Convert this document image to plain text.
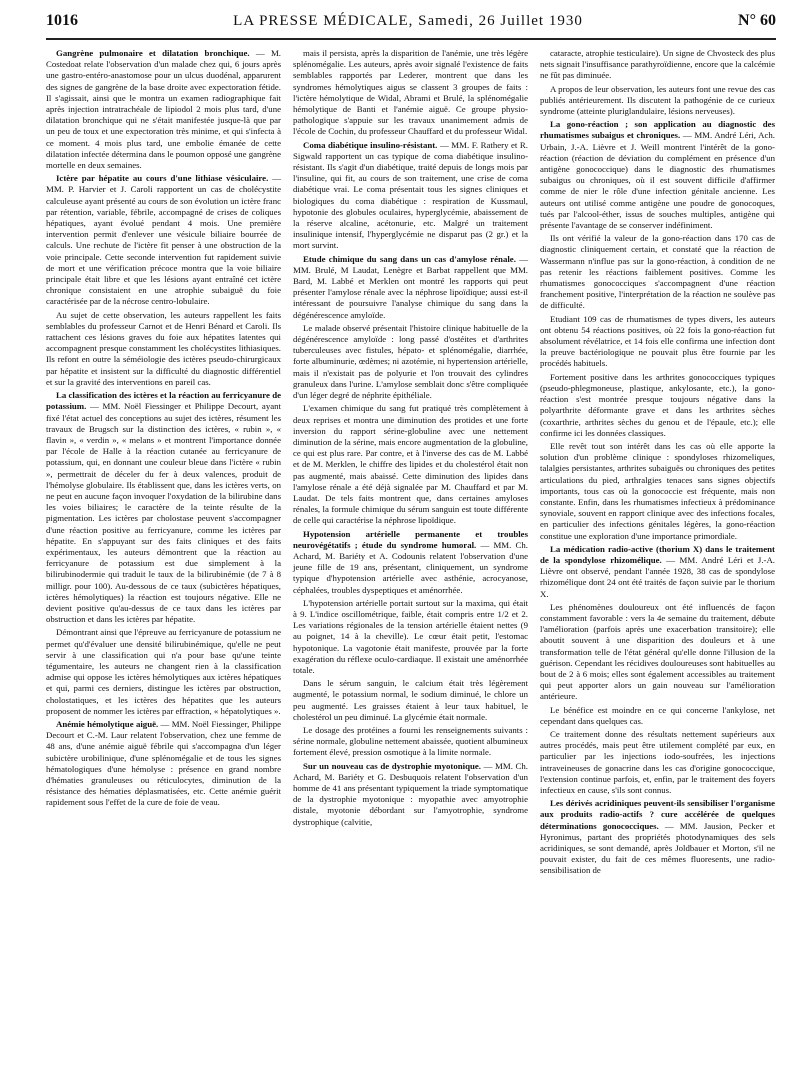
1016	LA PRESSE MÉDICALE, Samedi, 26 Juillet 1930	N° 60

Gangrène pulmonaire et dilatation bronchique. — M. Costedoat relate l'observation d'un malade chez qui, 6 jours après une gastro-entéro-anastomose pour un ulcus duodénal, apparurent des signes de gangrène de la base droite avec expectoration fétide. Il s'agissait, ainsi que le montra un examen radiographique fait après injection intratrachéale de lipiodol 2 mois plus tard, d'une dilatation bronchique qui ne s'était manifestée jusque-là que par un peu de toux et une expectoration très minime, et qui s'infecta à ce moment. 4 mois plus tard, une embolie émanée de cette dilatation infectée détermina dans le poumon opposé une gangrène mortelle en deux semaines.

Ictère par hépatite au cours d'une lithiase vésiculaire. — MM. P. Harvier et J. Caroli rapportent un cas de cholécystite calculeuse ayant présenté au cours de son évolution un ictère franc par rétention, variable, fébrile, accompagné de crises de coliques hépatiques, ayant évolué pendant 4 mois. Une première intervention permit d'enlever une vésicule biliaire bourrée de calculs. Une rechute de l'ictère fit penser à une obstruction de la voie principale. Cette seconde intervention fut rapidement suivie de mort et une vérification précoce montra que la voie biliaire principale était libre et que les lésions ayant entraîné cet ictère chronique consistaient en une atrophie subaiguë du foie caractérisée par de la nécrose centro-lobulaire.

Au sujet de cette observation, les auteurs rappellent les faits semblables du professeur Carnot et de Henri Bénard et Caroli. Ils rattachent ces lésions graves du foie aux hépatites latentes qui accompagnent presque constamment les cholécystites lithiasiques. Ils refont en outre la séméiologie des ictères pseudo-chirurgicaux par hépatite et insistent sur la difficulté du diagnostic différentiel et sur la gravité des interventions en pareil cas.

La classification des ictères et la réaction au ferricyanure de potassium. — MM. Noël Fiessinger et Philippe Decourt, ayant fixé l'état actuel des conceptions au sujet des ictères, résument les travaux de Brugsch sur la distinction des ictères, « rubin », « flavin », « verdin », « melans » et montrent l'importance donnée par l'école de Halle à la réaction cutanée au ferricyanure de potassium, qui, en donnant une couleur bleue dans l'ictère « rubin », permettrait de déceler du fer à deux valences, produit de l'hémolyse globulaire. Ils établissent que, dans les ictères verts, on ne peut en aucune façon invoquer l'oxydation de la bilirubine dans les voies biliaires; le caractère de la teinte résulte de la pigmentation. Les ictères par cholostase peuvent s'accompagner d'une réaction positive au ferricyanure, comme les ictères par hépatite. En s'appuyant sur des faits cliniques et des faits expérimentaux, les auteurs démontrent que la réaction au ferricyanure de potassium est due simplement à la bilirubinodermie qui traduit le taux de la bilirubinémie (de 7 à 8 milligr. pour 100). Au-dessous de ce taux (subictères hépatiques, ictères hémolytiques) la réaction est toujours négative. Elle ne devient positive qu'au-dessus de ce taux dans les ictères par obstruction et dans les ictères par hépatite.

Démontrant ainsi que l'épreuve au ferricyanure de potassium ne permet qu'd'évaluer une densité bilirubinémique, qu'elle ne peut servir à une classification qui n'a pour base qu'une teinte tégumentaire, les auteurs ne changent rien à la classification admise qui oppose les ictères hémolytiques aux ictères hépatiques et qui, parmi ces derniers, distingue les ictères par obstruction, cholostatiques, et les ictères des hépatites que les auteurs proposent de nommer les ictères par effraction, « hépatolytiques ».

Anémie hémolytique aiguë. — MM. Noël Fiessinger, Philippe Decourt et C.-M. Laur relatent l'observation, chez une femme de 48 ans, d'une anémie aiguë fébrile qui s'accompagna d'un léger subictère urobilinique, d'une splénomégalie et de tous les signes hématologiques d'une hémolyse : présence en grand nombre d'hématies granuleuses ou réticulocytes, diminution de la résistance des hématies déplasmatisées, etc. Cette anémie guérit rapidement sous l'effet de la cure de foie de veau.

mais il persista, après la disparition de l'anémie, une très légère splénomégalie. Les auteurs, après avoir signalé l'existence de faits semblables rapportés par Lederer, montrent que dans les syndromes hémolytiques aigus se classent 3 groupes de faits : l'ictère hémolytique de Widal, Abrami et Brulé, la splénomégalie hémolytique de Banti et l'anémie aiguë. Ce groupe physio-pathologique s'appuie sur les travaux unanimement admis de l'école de Cochin, du professeur Chauffard et du professeur Widal.

Coma diabétique insulino-résistant. — MM. F. Rathery et R. Sigwald rapportent un cas typique de coma diabétique insulino-résistant. Ils s'agit d'un diabétique, traité depuis de longs mois par l'insuline, qui fit, au cours de son traitement, une crise de coma diabétique vrai. Le coma présentait tous les signes cliniques et biologiques du coma diabétique : respiration de Kussmaul, hypotonie des globules oculaires, hyperglycémie, abaissement de la réserve alcaline, acétonurie, etc. Malgré un traitement insulinique intensif, l'hyperglycémie ne disparut pas (2 gr.) et la mort survint.

Etude chimique du sang dans un cas d'amylose rénale. — MM. Brulé, M Laudat, Lenègre et Barbat rappellent que MM. Bard, M. Labbé et Merklen ont montré les rapports qui peut présenter l'amylose rénale avec la néphrose lipoïdique; aussi est-il intéressant de poursuivre l'analyse chimique du sang dans la dégénérescence amyloïde.

Le malade observé présentait l'histoire clinique habituelle de la dégénérescence amyloïde : long passé d'ostéites et d'arthrites tuberculeuses avec fistules, hépato- et splénomégalie, diarrhée, forte albuminurie, œdèmes; ni azotémie, ni hypertension artérielle, mais il n'existait pas de polyurie et l'on trouvait des cylindres granuleux dans l'urine. L'amylose semblait donc s'être compliquée d'un léger degré de néphrite épithéliale.

L'examen chimique du sang fut pratiqué très complètement à deux reprises et montra une diminution des protides et une forte inversion du rapport sérine-globuline avec une nettement diminution de la sérine, mais encore augmentation de la globuline, ce qui est plus rare. Par contre, et à l'inverse des cas de M. Labbé et de M. Merklen, le chiffre des lipides et du cholestérol était non pas augmenté, mais abaissé. Cette diminution des lipides dans l'amylose rénale a été déjà signalée par M. Chauffard et par M. Laudat. De tels faits montrent que, dans certaines amyloses rénales, la formule chimique du sérum sanguin est toute différente de celle qui caractérise la néphrose lipoïdique.

Hypotension artérielle permanente et troubles neurovégétatifs ; étude du syndrome humoral. — MM. Ch. Achard, M. Bariéty et A. Codounis relatent l'observation d'une jeune fille de 19 ans, présentant, cliniquement, un syndrome typique d'hypotension artérielle avec asthénie, acrocyanose, céphalées, troubles dyspeptiques et aménorrhée.

L'hypotension artérielle portait surtout sur la maxima, qui était à 9. L'indice oscillométrique, faible, était compris entre 1/2 et 2. Les variations régionales de la tension artérielle étaient nettes (9 au poignet, 14 à la cheville). Le cœur était petit, l'estomac hypotonique. La vagotonie était manifeste, prouvée par la forte exagération du réflexe oculo-cardiaque. Il existait une aménorrhée totale.

Dans le sérum sanguin, le calcium était très légèrement augmenté, le potassium normal, le sodium diminué, le chlore un peu augmenté. Les graisses étaient à leur taux habituel, le cholestérol un peu diminué. La glycémie était normale.

Le dosage des protéines a fourni les renseignements suivants : sérine normale, globuline nettement abaissée, quotient albumineux fortement élevé, pression osmotique à la limite normale.

Sur un nouveau cas de dystrophie myotonique. — MM. Ch. Achard, M. Bariéty et G. Desbuquois relatent l'observation d'un homme de 41 ans présentant typiquement la triade symptomatique de la dystrophie myotonique : myopathie avec amyotrophie distale, myotonie débordant sur l'amyotrophie, syndrome dystrophique (calvitie,

cataracte, atrophie testiculaire). Un signe de Chvosteck des plus nets signait l'insuffisance parathyroïdienne, encore que la calcémie ne fût pas diminuée.

A propos de leur observation, les auteurs font une revue des cas publiés antérieurement. Ils discutent la pathogénie de ce curieux syndrome (atteinte pluriglandulaire, lésions nerveuses).

La gono-réaction ; son application au diagnostic des rhumatismes subaigus et chroniques. — MM. André Léri, Ach. Urbain, J.-A. Lièvre et J. Weill montrent l'intérêt de la gono-réaction (réaction de déviation du complément en présence d'un antigène gonococcique) dans le diagnostic des rhumatismes subaigus ou chroniques, où il est souvent difficile d'affirmer comme de nier le rôle d'une infection génitale ancienne. Les auteurs ont utilisé comme antigène une poudre de gonocoques, tués par l'alcool-éther, issus de souches multiples, antigène qui présente l'avantage de se conserver indéfiniment.

Ils ont vérifié la valeur de la gono-réaction dans 170 cas de diagnostic cliniquement certain, et constaté que la réaction de Wassermann n'influe pas sur la gono-réaction, à condition de ne pas retenir les réactions faiblement positives. Comme les rhumatismes gonococciques s'accompagnent d'une réaction franchement positive, l'interprétation de la réaction ne soulève pas de difficulté.

Etudiant 109 cas de rhumatismes de types divers, les auteurs ont obtenu 54 réactions positives, où 22 fois la gono-réaction fut absolument révélatrice, et 14 fois elle confirma une infection dont la preuve bactériologique ne pouvait plus être fournie par les procédés habituels.

Fortement positive dans les arthrites gonococciques typiques (pseudo-phlegmoneuse, plastique, ankylosante, etc.), la gono-réaction s'est montrée presque toujours négative dans la polyarthrite déformante grave et dans les arthrites sèches (coxarthrie, arthrites sèches du genou et de l'épaule, etc.); elle confirme ici les données classiques.

Elle revêt tout son intérêt dans les cas où elle apporte la solution d'un problème clinique : spondyloses rhizomeliques, talalgies persistantes, arthrites subaiguës ou chroniques des petites articulations du pied, arthralgies tenaces sans signes objectifs importants, tous cas où la gonococcie est fréquente, mais non constante. Enfin, dans les rhumatismes infectieux à prédominance synoviale, souvent en rapport clinique avec des infections focales, en particulier des infections génitales légères, la gono-réaction constitue une exploration d'une importance primordiale.

La médication radio-active (thorium X) dans le traitement de la spondylose rhizomélique. — MM. André Léri et J.-A. Lièvre ont observé, pendant l'année 1928, 38 cas de spondylose rhizomélique dont 24 ont été traités de façon suivie par le thorium X.

Les phénomènes douloureux ont été influencés de façon constamment favorable : vers la 4e semaine du traitement, débute l'amélioration (parfois après une exacerbation transitoire); elle aboutit souvent à une disparition des douleurs et à une transformation telle de l'état général qu'elle donne l'illusion de la guérison. Cependant les récidives douloureuses sont habituelles au bout de 2 à 6 mois; elles sont également accessibles au traitement qui peut apporter alors un gain nouveau sur l'amélioration antérieure.

Le bénéfice est moindre en ce qui concerne l'ankylose, net cependant dans quelques cas.

Ce traitement donne des résultats nettement supérieurs aux autres procédés, mais peut être utilement complété par eux, en particulier par les injections iodo-soufrées, les injections intraveineuses de gonacrine dans les cas d'origine gonococcique, l'extension continue parfois, et, enfin, par le traitement des foyers infectieux en cause, s'ils sont connus.

Les dérivés acridiniques peuvent-ils sensibiliser l'organisme aux produits radio-actifs ? cure accélérée de quelques déterminations gonococciques. — MM. Jausion, Pecker et Hyronimus, partant des propriétés photodynamiques des sels acridiniques, se sont demandé, après Joldbauer et Morton, s'il ne pouvait exister, du fait de ces mêmes fluoresents, une radio-sensibilisation de
